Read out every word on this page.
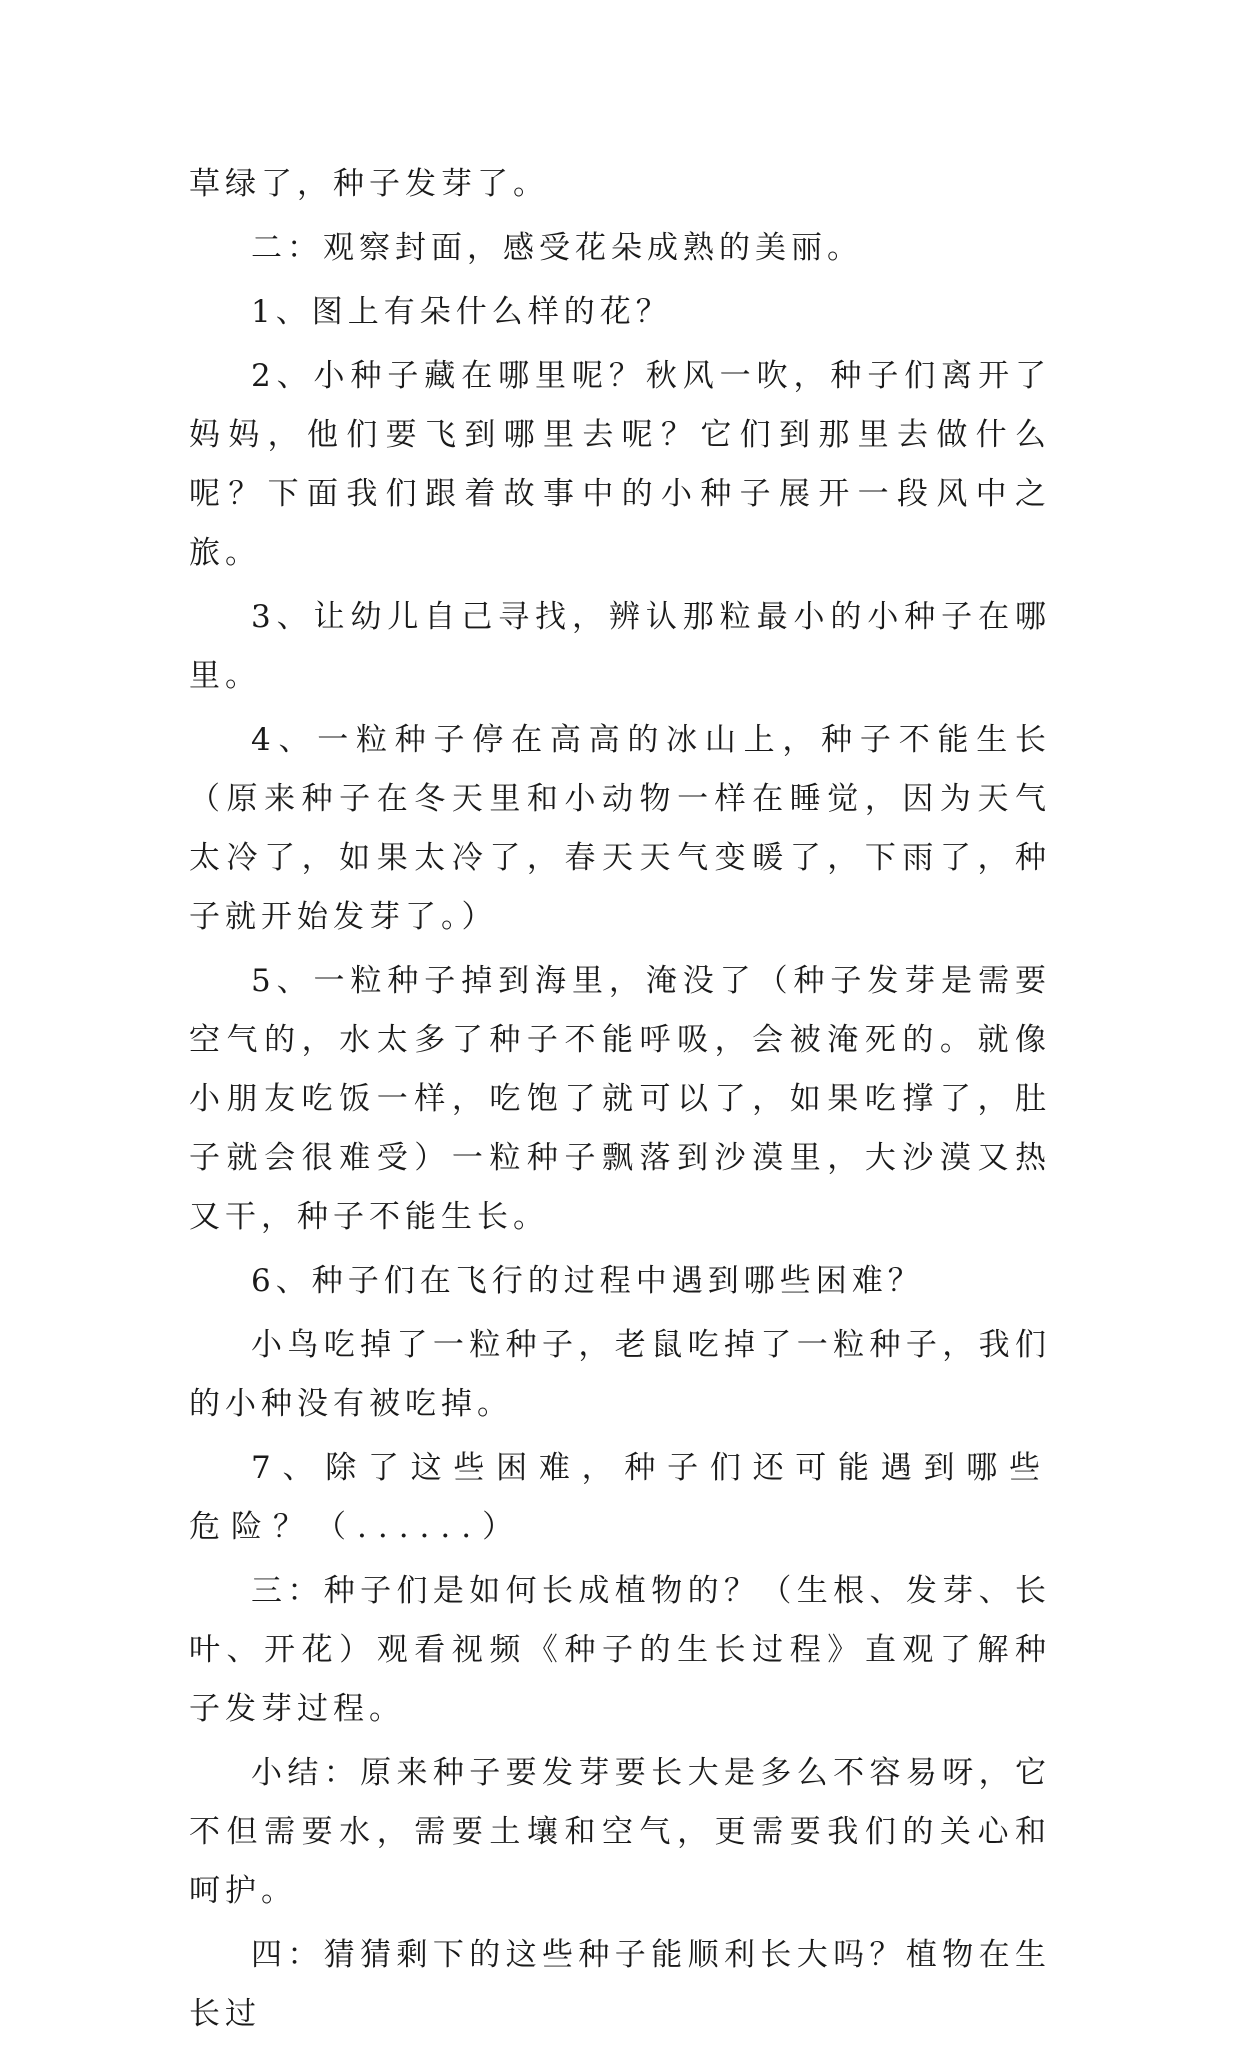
草绿了，种子发芽了。

二：观察封面，感受花朵成熟的美丽。

1、图上有朵什么样的花？

2、小种子藏在哪里呢？秋风一吹，种子们离开了妈妈，他们要飞到哪里去呢？它们到那里去做什么呢？下面我们跟着故事中的小种子展开一段风中之旅。

3、让幼儿自己寻找，辨认那粒最小的小种子在哪里。

4、一粒种子停在高高的冰山上，种子不能生长（原来种子在冬天里和小动物一样在睡觉，因为天气太冷了，如果太冷了，春天天气变暖了，下雨了，种子就开始发芽了。）

5、一粒种子掉到海里，淹没了（种子发芽是需要空气的，水太多了种子不能呼吸，会被淹死的。就像小朋友吃饭一样，吃饱了就可以了，如果吃撑了，肚子就会很难受）一粒种子飘落到沙漠里，大沙漠又热又干，种子不能生长。

6、种子们在飞行的过程中遇到哪些困难？

小鸟吃掉了一粒种子，老鼠吃掉了一粒种子，我们的小种没有被吃掉。

7、除了这些困难，种子们还可能遇到哪些危险？（......）

三：种子们是如何长成植物的？（生根、发芽、长叶、开花）观看视频《种子的生长过程》直观了解种子发芽过程。

小结：原来种子要发芽要长大是多么不容易呀，它不但需要水，需要土壤和空气，更需要我们的关心和呵护。

四：猜猜剩下的这些种子能顺利长大吗？植物在生长过
